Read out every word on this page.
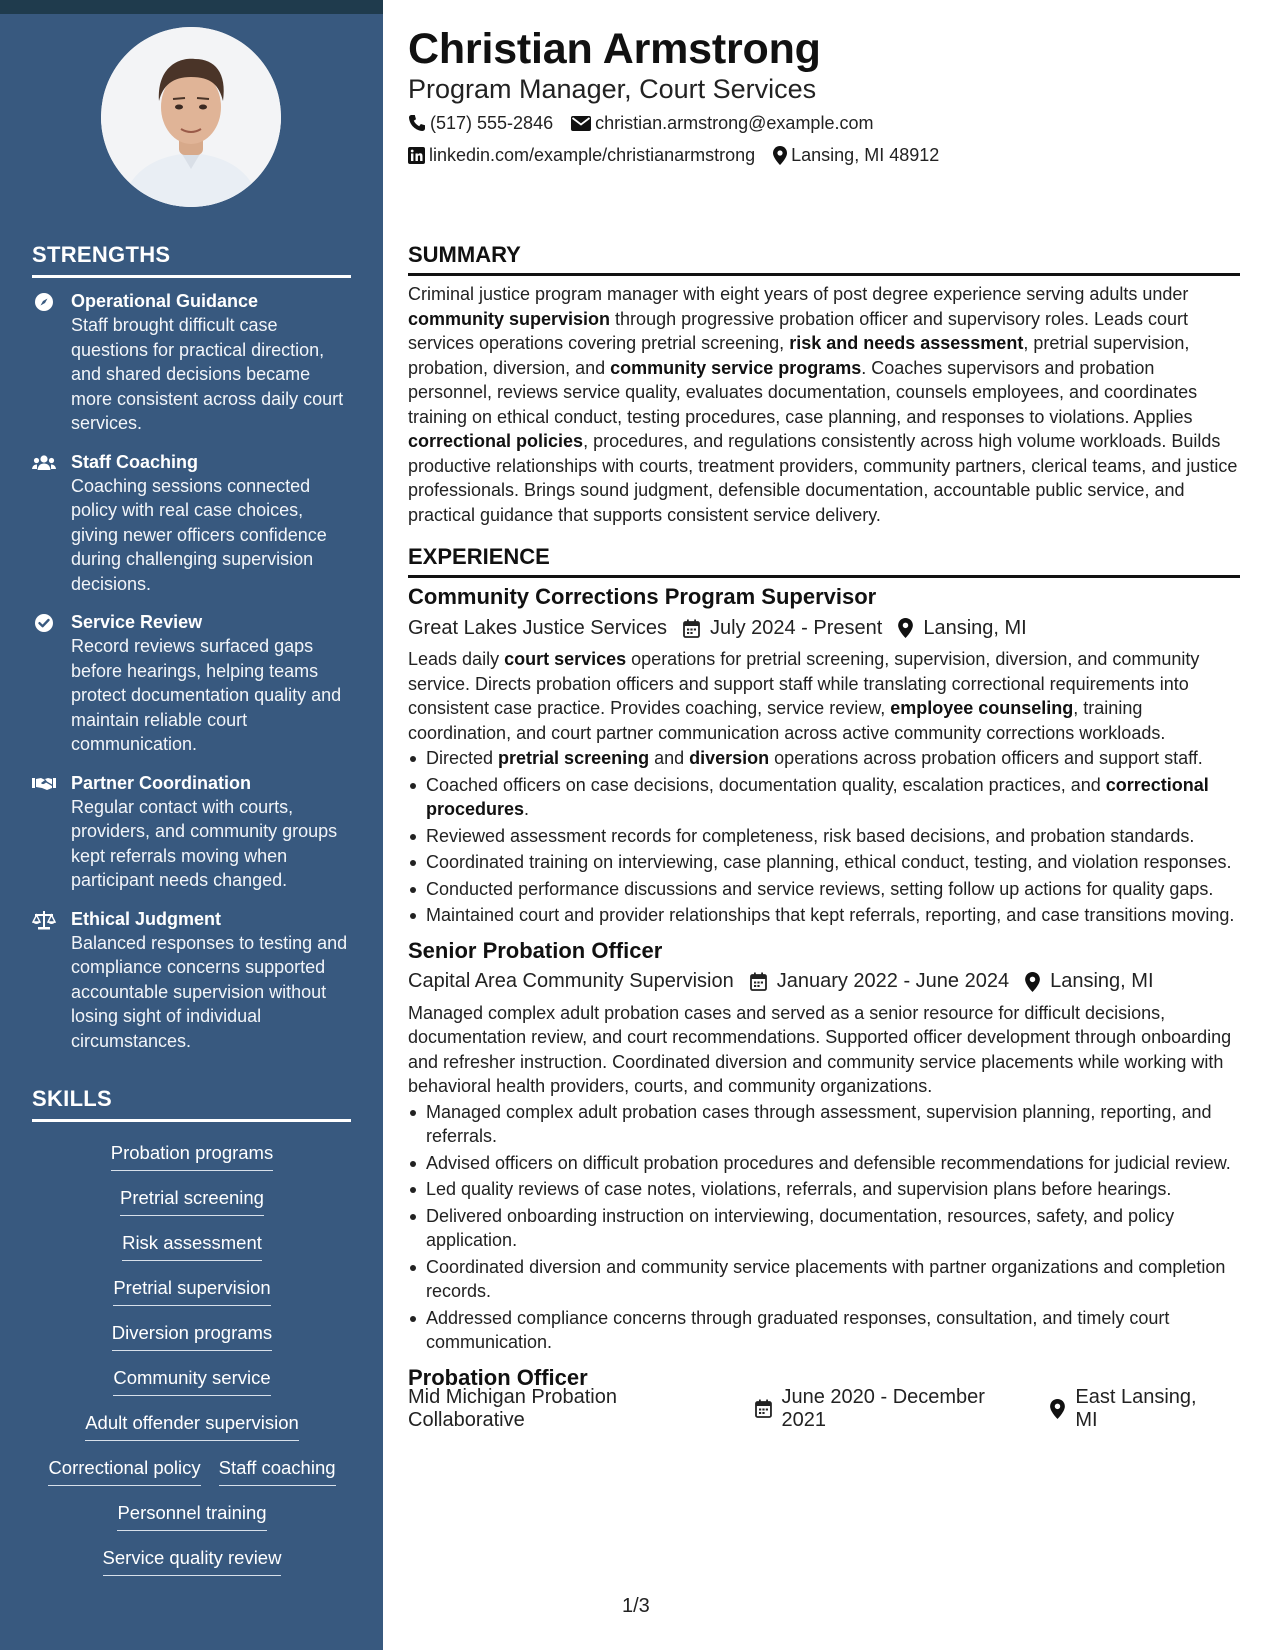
STRENGTHS
Operational Guidance
Staff brought difficult case questions for practical direction, and shared decisions became more consistent across daily court services.
Staff Coaching
Coaching sessions connected policy with real case choices, giving newer officers confidence during challenging supervision decisions.
Service Review
Record reviews surfaced gaps before hearings, helping teams protect documentation quality and maintain reliable court communication.
Partner Coordination
Regular contact with courts, providers, and community groups kept referrals moving when participant needs changed.
Ethical Judgment
Balanced responses to testing and compliance concerns supported accountable supervision without losing sight of individual circumstances.
SKILLS
Probation programs
Pretrial screening
Risk assessment
Pretrial supervision
Diversion programs
Community service
Adult offender supervision
Correctional policy Staff coaching
Personnel training
Service quality review
Christian Armstrong
Program Manager, Court Services
(517) 555-2846 christian.armstrong@example.com
linkedin.com/example/christianarmstrong Lansing, MI 48912
SUMMARY
Criminal justice program manager with eight years of post degree experience serving adults under community supervision through progressive probation officer and supervisory roles. Leads court services operations covering pretrial screening, risk and needs assessment, pretrial supervision, probation, diversion, and community service programs. Coaches supervisors and probation personnel, reviews service quality, evaluates documentation, counsels employees, and coordinates training on ethical conduct, testing procedures, case planning, and responses to violations. Applies correctional policies, procedures, and regulations consistently across high volume workloads. Builds productive relationships with courts, treatment providers, community partners, clerical teams, and justice professionals. Brings sound judgment, defensible documentation, accountable public service, and practical guidance that supports consistent service delivery.
EXPERIENCE
Community Corrections Program Supervisor
Great Lakes Justice Services July 2024 - Present Lansing, MI
Leads daily court services operations for pretrial screening, supervision, diversion, and community service. Directs probation officers and support staff while translating correctional requirements into consistent case practice. Provides coaching, service review, employee counseling, training coordination, and court partner communication across active community corrections workloads.
Directed pretrial screening and diversion operations across probation officers and support staff.
Coached officers on case decisions, documentation quality, escalation practices, and correctional procedures.
Reviewed assessment records for completeness, risk based decisions, and probation standards.
Coordinated training on interviewing, case planning, ethical conduct, testing, and violation responses.
Conducted performance discussions and service reviews, setting follow up actions for quality gaps.
Maintained court and provider relationships that kept referrals, reporting, and case transitions moving.
Senior Probation Officer
Capital Area Community Supervision January 2022 - June 2024 Lansing, MI
Managed complex adult probation cases and served as a senior resource for difficult decisions, documentation review, and court recommendations. Supported officer development through onboarding and refresher instruction. Coordinated diversion and community service placements while working with behavioral health providers, courts, and community organizations.
Managed complex adult probation cases through assessment, supervision planning, reporting, and referrals.
Advised officers on difficult probation procedures and defensible recommendations for judicial review.
Led quality reviews of case notes, violations, referrals, and supervision plans before hearings.
Delivered onboarding instruction on interviewing, documentation, resources, safety, and policy application.
Coordinated diversion and community service placements with partner organizations and completion records.
Addressed compliance concerns through graduated responses, consultation, and timely court communication.
Probation Officer
Mid Michigan Probation Collaborative
June 2020 - December 2021
East Lansing, MI
1/3
